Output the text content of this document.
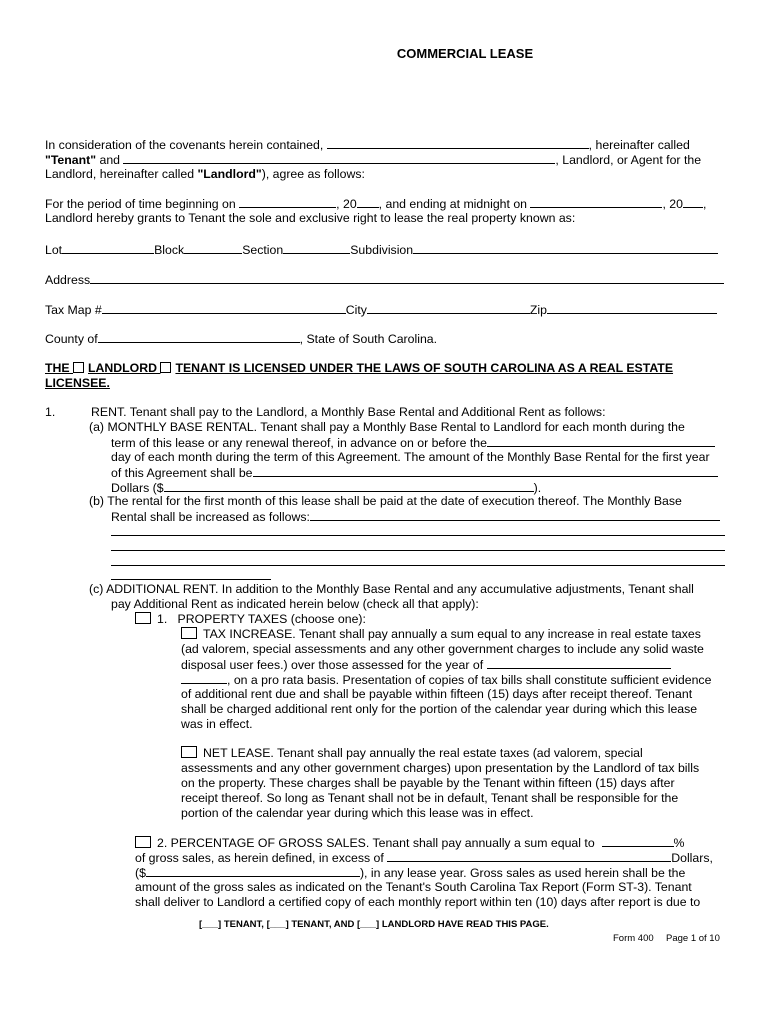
COMMERCIAL LEASE
In consideration of the covenants herein contained,	, hereinafter called
"Tenant" and	, Landlord, or Agent for the
Landlord, hereinafter called "Landlord"), agree as follows:
For the period of time beginning on	, 20 , and ending at midnight on	, 20 ,
Landlord hereby grants to Tenant the sole and exclusive right to lease the real property known as:
Lot	Block	Section	Subdivision
Address
Tax Map #	City	Zip
County of	, State of South Carolina.
THE LANDLORD TENANT IS LICENSED UNDER THE LAWS OF SOUTH CAROLINA AS A REAL ESTATE
LICENSEE.
1.	RENT. Tenant shall pay to the Landlord, a Monthly Base Rental and Additional Rent as follows:
(a) MONTHLY BASE RENTAL. Tenant shall pay a Monthly Base Rental to Landlord for each month during the
term of this lease or any renewal thereof, in advance on or before the
day of each month during the term of this Agreement. The amount of the Monthly Base Rental for the first year
of this Agreement shall be
Dollars ($	).
(b) The rental for the first month of this lease shall be paid at the date of execution thereof. The Monthly Base
Rental shall be increased as follows:
(c) ADDITIONAL RENT. In addition to the Monthly Base Rental and any accumulative adjustments, Tenant shall
pay Additional Rent as indicated herein below (check all that apply):
1. PROPERTY TAXES (choose one):
TAX INCREASE. Tenant shall pay annually a sum equal to any increase in real estate taxes
(ad valorem, special assessments and any other government charges to include any solid waste
disposal user fees.) over those assessed for the year of
, on a pro rata basis. Presentation of copies of tax bills shall constitute sufficient evidence
of additional rent due and shall be payable within fifteen (15) days after receipt thereof. Tenant
shall be charged additional rent only for the portion of the calendar year during which this lease
was in effect.
NET LEASE. Tenant shall pay annually the real estate taxes (ad valorem, special
assessments and any other government charges) upon presentation by the Landlord of tax bills
on the property. These charges shall be payable by the Tenant within fifteen (15) days after
receipt thereof. So long as Tenant shall not be in default, Tenant shall be responsible for the
portion of the calendar year during which this lease was in effect.
2. PERCENTAGE OF GROSS SALES. Tenant shall pay annually a sum equal to	%
of gross sales, as herein defined, in excess of	Dollars,
($	), in any lease year. Gross sales as used herein shall be the
amount of the gross sales as indicated on the Tenant's South Carolina Tax Report (Form ST-3). Tenant
shall deliver to Landlord a certified copy of each monthly report within ten (10) days after report is due to
[___] TENANT, [___] TENANT, AND [___] LANDLORD HAVE READ THIS PAGE.
Form 400 Page 1 of 10
